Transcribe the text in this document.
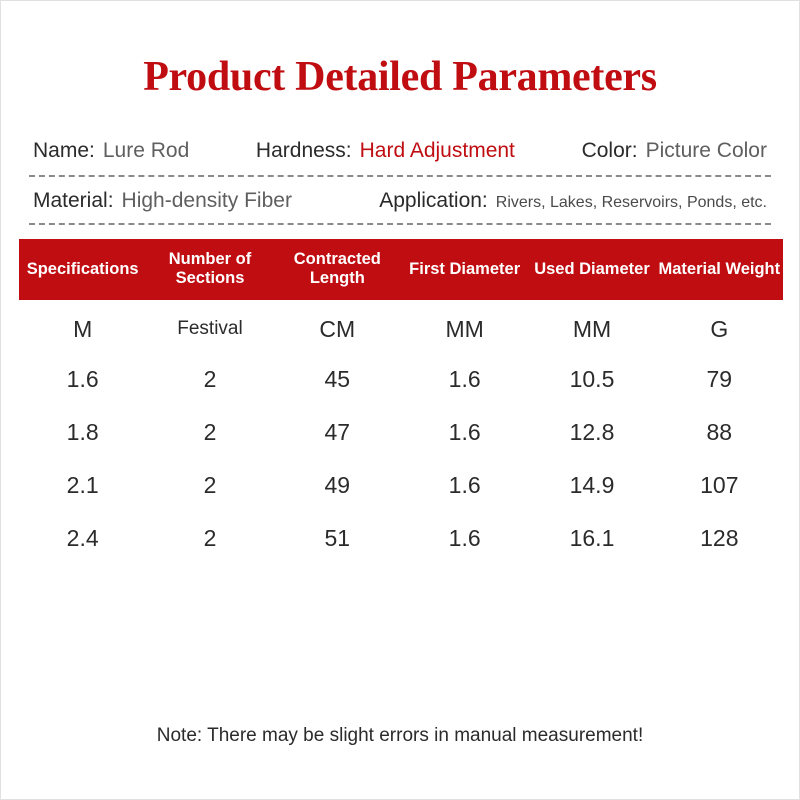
Product Detailed Parameters
Name: Lure Rod	Hardness: Hard Adjustment	Color: Picture Color
Material: High-density Fiber	Application: Rivers, Lakes, Reservoirs, Ponds, etc.
Specifications	Number of Sections	Contracted Length	First Diameter	Used Diameter	Material Weight
M	Festival	CM	MM	MM	G
1.6	2	45	1.6	10.5	79
1.8	2	47	1.6	12.8	88
2.1	2	49	1.6	14.9	107
2.4	2	51	1.6	16.1	128
Note: There may be slight errors in manual measurement!
